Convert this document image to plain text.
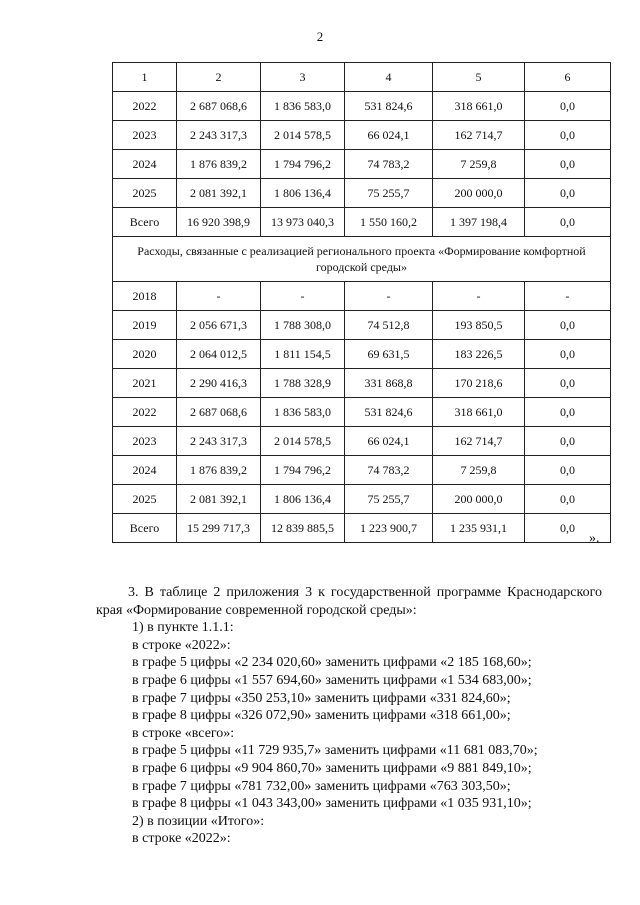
2
1	2	3	4	5	6
2022	2 687 068,6	1 836 583,0	531 824,6	318 661,0	0,0
2023	2 243 317,3	2 014 578,5	66 024,1	162 714,7	0,0
2024	1 876 839,2	1 794 796,2	74 783,2	7 259,8	0,0
2025	2 081 392,1	1 806 136,4	75 255,7	200 000,0	0,0
Всего	16 920 398,9	13 973 040,3	1 550 160,2	1 397 198,4	0,0
Расходы, связанные с реализацией регионального проекта «Формирование комфортной городской среды»					
2018	-	-	-	-	-
2019	2 056 671,3	1 788 308,0	74 512,8	193 850,5	0,0
2020	2 064 012,5	1 811 154,5	69 631,5	183 226,5	0,0
2021	2 290 416,3	1 788 328,9	331 868,8	170 218,6	0,0
2022	2 687 068,6	1 836 583,0	531 824,6	318 661,0	0,0
2023	2 243 317,3	2 014 578,5	66 024,1	162 714,7	0,0
2024	1 876 839,2	1 794 796,2	74 783,2	7 259,8	0,0
2025	2 081 392,1	1 806 136,4	75 255,7	200 000,0	0,0
Всего	15 299 717,3	12 839 885,5	1 223 900,7	1 235 931,1	0,0
».
3. В таблице 2 приложения 3 к государственной программе Краснодарского края «Формирование современной городской среды»:
1) в пункте 1.1.1:
в строке «2022»:
в графе 5 цифры «2 234 020,60» заменить цифрами «2 185 168,60»;
в графе 6 цифры «1 557 694,60» заменить цифрами «1 534 683,00»;
в графе 7 цифры «350 253,10» заменить цифрами «331 824,60»;
в графе 8 цифры «326 072,90» заменить цифрами «318 661,00»;
в строке «всего»:
в графе 5 цифры «11 729 935,7» заменить цифрами «11 681 083,70»;
в графе 6 цифры «9 904 860,70» заменить цифрами «9 881 849,10»;
в графе 7 цифры «781 732,00» заменить цифрами «763 303,50»;
в графе 8 цифры «1 043 343,00» заменить цифрами «1 035 931,10»;
2) в позиции «Итого»:
в строке «2022»:
